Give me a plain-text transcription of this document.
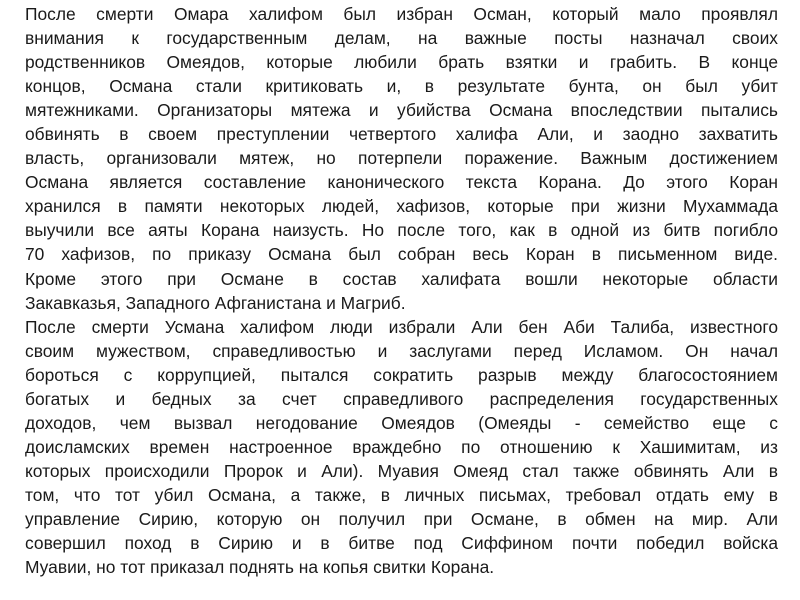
После смерти Омара халифом был избран Осман, который мало проявлял
внимания к государственным делам, на важные посты назначал своих
родственников Омеядов, которые любили брать взятки и грабить. В конце
концов, Османа стали критиковать и, в результате бунта, он был убит
мятежниками. Организаторы мятежа и убийства Османа впоследствии пытались
обвинять в своем преступлении четвертого халифа Али, и заодно захватить
власть, организовали мятеж, но потерпели поражение. Важным достижением
Османа является составление канонического текста Корана. До этого Коран
хранился в памяти некоторых людей, хафизов, которые при жизни Мухаммада
выучили все аяты Корана наизусть. Но после того, как в одной из битв погибло
70 хафизов, по приказу Османа был собран весь Коран в письменном виде.
Кроме этого при Османе в состав халифата вошли некоторые области
Закавказья, Западного Афганистана и Магриб.
После смерти Усмана халифом люди избрали Али бен Аби Талиба, известного
своим мужеством, справедливостью и заслугами перед Исламом. Он начал
бороться с коррупцией, пытался сократить разрыв между благосостоянием
богатых и бедных за счет справедливого распределения государственных
доходов, чем вызвал негодование Омеядов (Омеяды - семейство еще с
доисламских времен настроенное враждебно по отношению к Хашимитам, из
которых происходили Пророк и Али). Муавия Омеяд стал также обвинять Али в
том, что тот убил Османа, а также, в личных письмах, требовал отдать ему в
управление Сирию, которую он получил при Османе, в обмен на мир. Али
совершил поход в Сирию и в битве под Сиффином почти победил войска
Муавии, но тот приказал поднять на копья свитки Корана.
